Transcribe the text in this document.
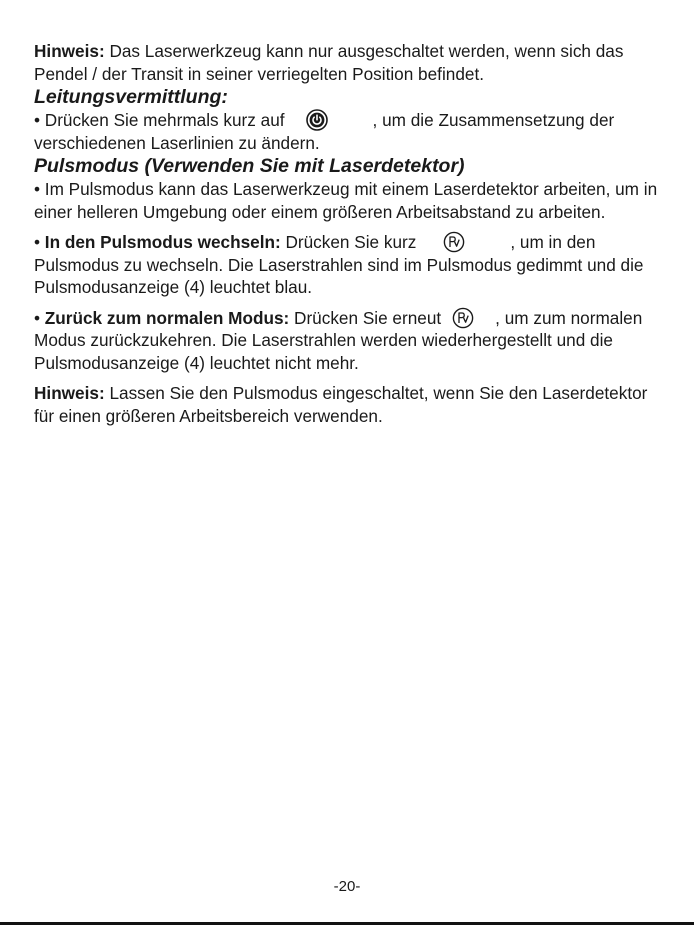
Hinweis: Das Laserwerkzeug kann nur ausgeschaltet werden, wenn sich das Pendel / der Transit in seiner verriegelten Position befindet.

Leitungsvermittlung:

• Drücken Sie mehrmals kurz auf	, um die Zusammensetzung der verschiedenen Laserlinien zu ändern.

Pulsmodus (Verwenden Sie mit Laserdetektor)

• Im Pulsmodus kann das Laserwerkzeug mit einem Laserdetektor arbeiten, um in einer helleren Umgebung oder einem größeren Arbeitsabstand zu arbeiten.

• In den Pulsmodus wechseln: Drücken Sie kurz	, um in den Pulsmodus zu wechseln. Die Laserstrahlen sind im Pulsmodus gedimmt und die Pulsmodusanzeige (4) leuchtet blau.

• Zurück zum normalen Modus: Drücken Sie erneut	, um zum normalen Modus zurückzukehren. Die Laserstrahlen werden wiederhergestellt und die Pulsmodusanzeige (4) leuchtet nicht mehr.

Hinweis: Lassen Sie den Pulsmodus eingeschaltet, wenn Sie den Laserdetektor für einen größeren Arbeitsbereich verwenden.

-20-
